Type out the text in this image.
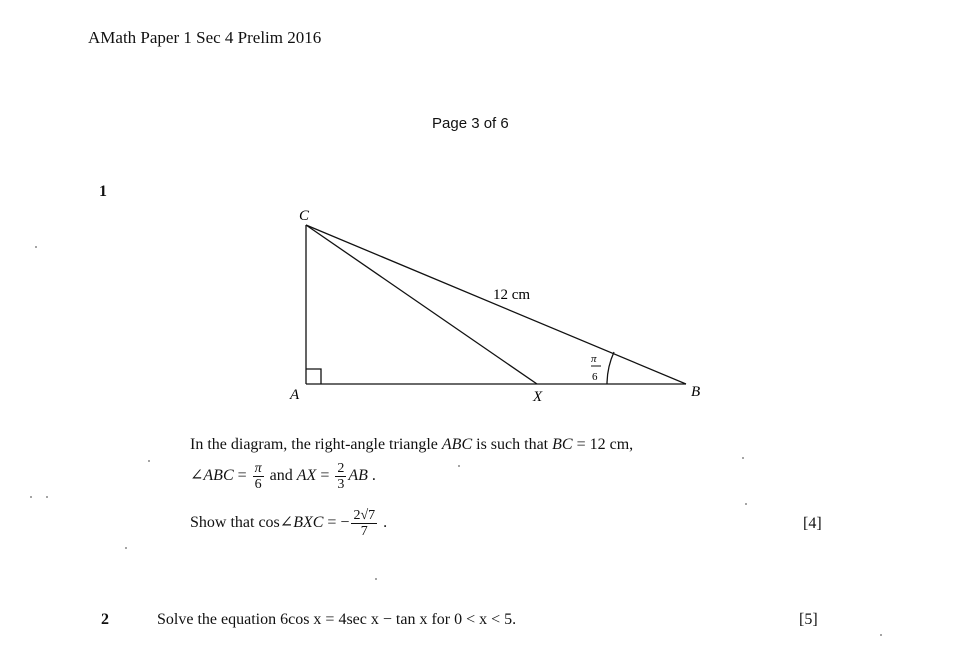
AMath Paper 1 Sec 4 Prelim 2016
Page 3 of 6
1
C
A	X	B
12 cm
π
6
In the diagram, the right-angle triangle ABC is such that BC = 12 cm,
∠ABC = $\frac{\pi}{6}$ and AX = $\frac{2}{3}$ AB .
Show that cos∠BXC = − $\frac{2√7}{7}$ .	[4]
2	Solve the equation 6cos x = 4sec x − tan x for 0 < x < 5.	[5]
